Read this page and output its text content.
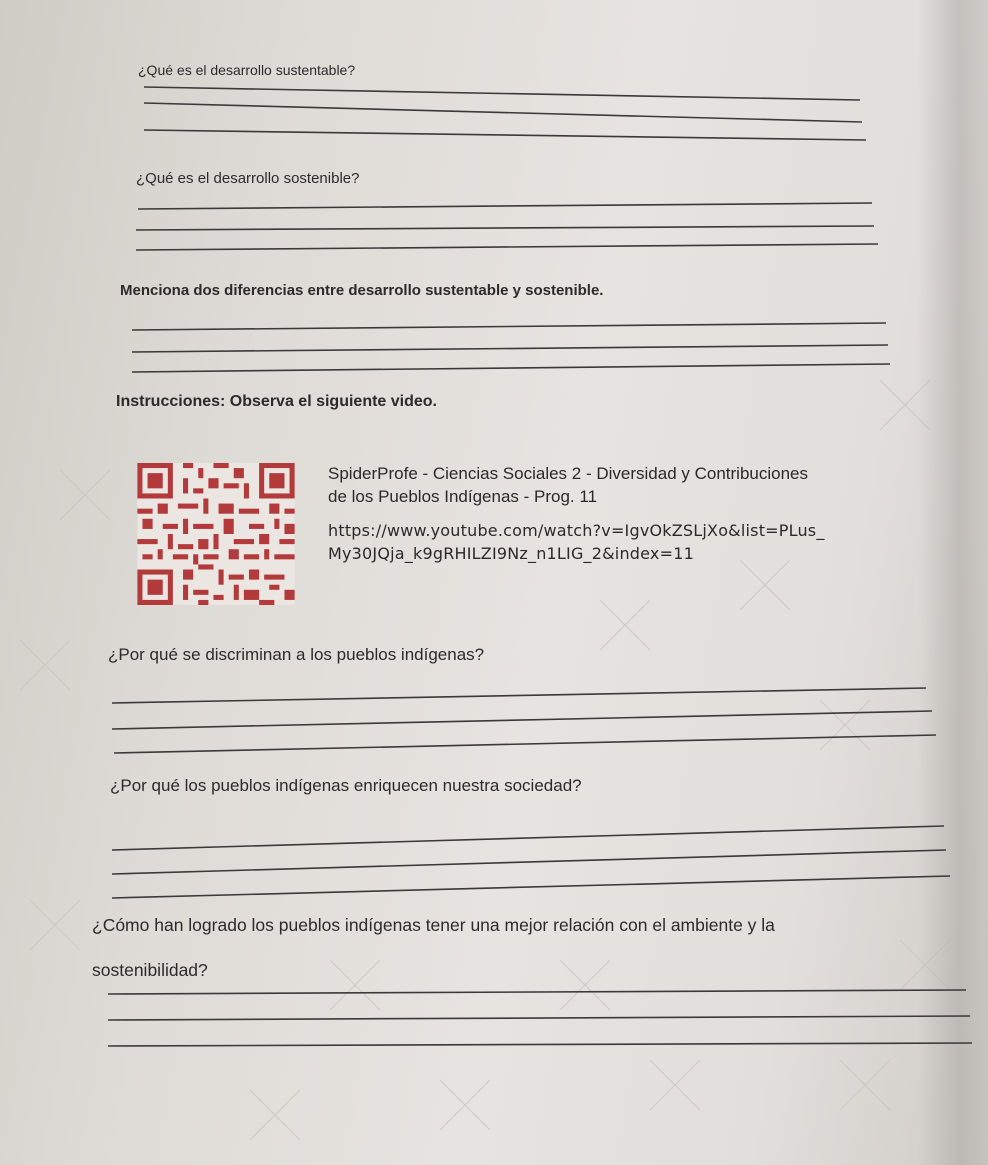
¿Qué es el desarrollo sustentable?

¿Qué es el desarrollo sostenible?

Menciona dos diferencias entre desarrollo sustentable y sostenible.

Instrucciones: Observa el siguiente video.

SpiderProfe - Ciencias Sociales 2 - Diversidad y Contribuciones

de los Pueblos Indígenas - Prog. 11

https://www.youtube.com/watch?v=IgvOkZSLjXo&list=PLus_

My30JQja_k9gRHILZI9Nz_n1LIG_2&index=11

¿Por qué se discriminan a los pueblos indígenas?

¿Por qué los pueblos indígenas enriquecen nuestra sociedad?

¿Cómo han logrado los pueblos indígenas tener una mejor relación con el ambiente y la

sostenibilidad?
